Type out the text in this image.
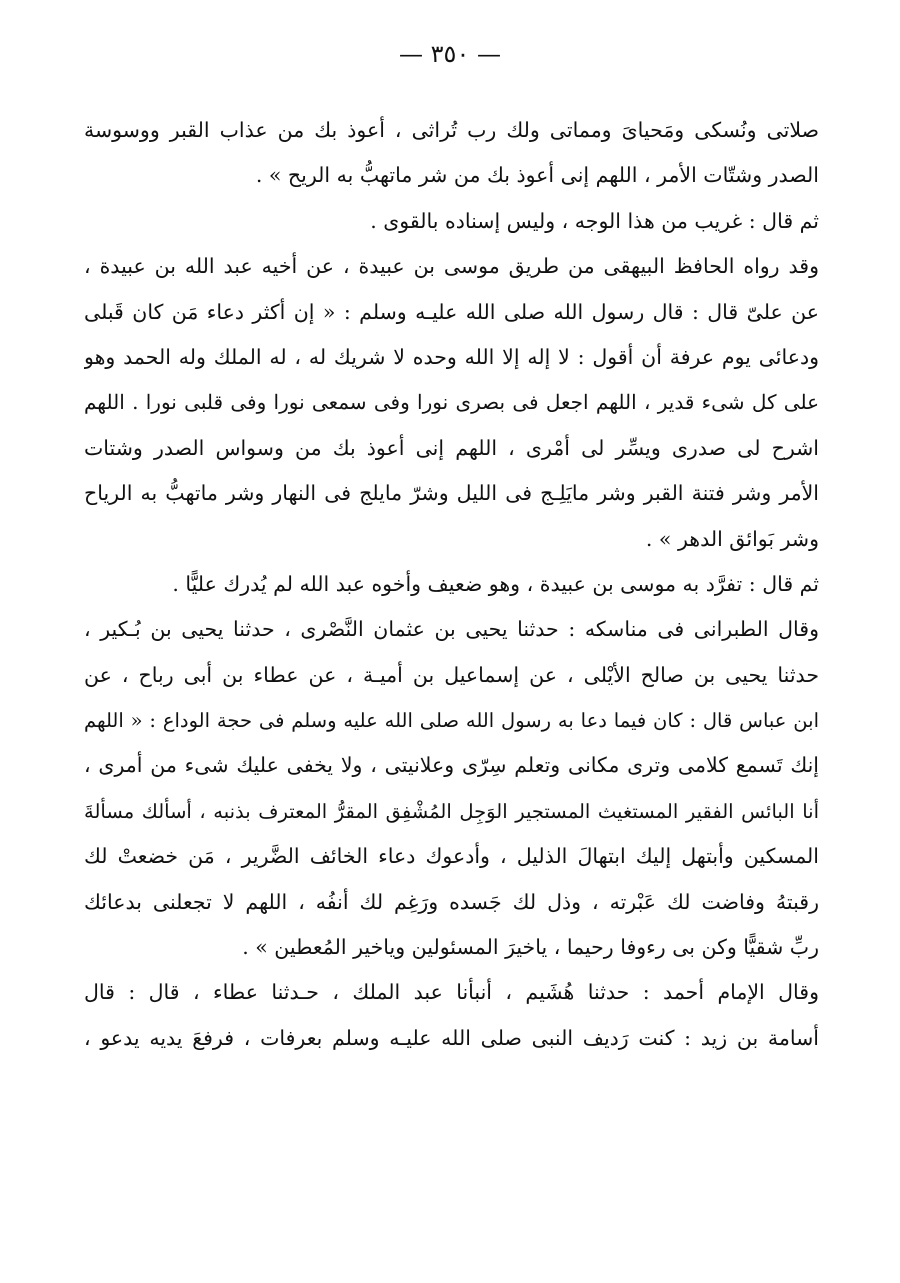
— ٣٥٠ —
صلاتى ونُسكى ومَحياىَ ومماتى ولك رب تُراثى ، أعوذ بك من عذاب القبر ووسوسة
الصدر وشتّات الأمر ، اللهم إنى أعوذ بك من شر ماتهبُّ به الريح » .
ثم قال : غريب من هذا الوجه ، وليس إسناده بالقوى .
وقد رواه الحافظ البيهقى من طريق موسى بن عبيدة ، عن أخيه عبد الله بن عبيدة ،
عن علىّ قال : قال رسول الله صلى الله عليـه وسلم : « إن أكثر دعاء مَن كان قَبلى
ودعائى يوم عرفة أن أقول : لا إله إلا الله وحده لا شريك له ، له الملك وله الحمد وهو
على كل شىء قدير ، اللهم اجعل فى بصرى نورا وفى سمعى نورا وفى قلبى نورا . اللهم
اشرح لى صدرى ويسِّر لى أمْرى ، اللهم إنى أعوذ بك من وسواس الصدر وشتات
الأمر وشر فتنة القبر وشر مايَلِـج فى الليل وشرّ مايلج فى النهار وشر ماتهبُّ به الرياح
وشر بَوائق الدهر » .
ثم قال : تفرَّد به موسى بن عبيدة ، وهو ضعيف وأخوه عبد الله لم يُدرك عليًّا .
وقال الطبرانى فى مناسكه : حدثنا يحيى بن عثمان النَّصْرى ، حدثنا يحيى بن بُـكير ،
حدثنا يحيى بن صالح الأيْلى ، عن إسماعيل بن أميـة ، عن عطاء بن أبى رباح ، عن
ابن عباس قال : كان فيما دعا به رسول الله صلى الله عليه وسلم فى حجة الوداع : « اللهم
إنك تَسمع كلامى وترى مكانى وتعلم سِرّى وعلانيتى ، ولا يخفى عليك شىء من أمرى ،
أنا البائس الفقير المستغيث المستجير الوَجِل المُشْفِق المقرُّ المعترف بذنبه ، أسألك مسألةَ
المسكين وأبتهل إليك ابتهالَ الذليل ، وأدعوك دعاء الخائف الضَّرير ، مَن خضعتْ لك
رقبتهُ وفاضت لك عَبْرته ، وذل لك جَسده ورَغِم لك أنفُه ، اللهم لا تجعلنى بدعائك
ربِّ شقيًّا وكن بى رءوفا رحيما ، ياخيرَ المسئولين وياخير المُعطين » .
وقال الإمام أحمد : حدثنا هُشَيم ، أنبأنا عبد الملك ، حـدثنا عطاء ، قال : قال
أسامة بن زيد : كنت رَديف النبى صلى الله عليـه وسلم بعرفات ، فرفعَ يديه يدعو ،
